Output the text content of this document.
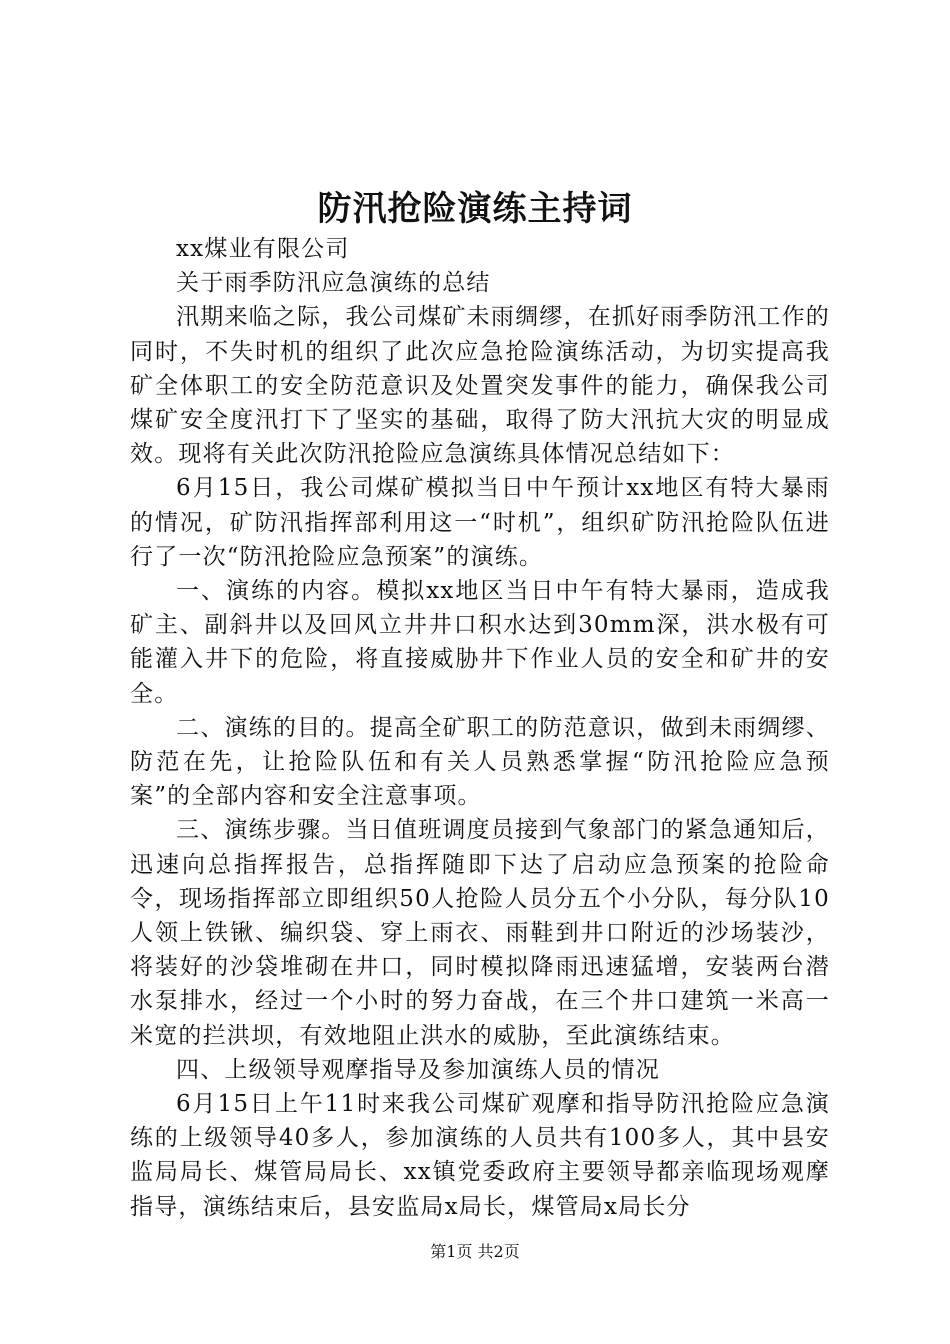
防汛抢险演练主持词

xx煤业有限公司

关于雨季防汛应急演练的总结

汛期来临之际，我公司煤矿未雨绸缪，在抓好雨季防汛工作的同时，不失时机的组织了此次应急抢险演练活动，为切实提高我矿全体职工的安全防范意识及处置突发事件的能力，确保我公司煤矿安全度汛打下了坚实的基础，取得了防大汛抗大灾的明显成效。现将有关此次防汛抢险应急演练具体情况总结如下：

6月15日，我公司煤矿模拟当日中午预计xx地区有特大暴雨的情况，矿防汛指挥部利用这一“时机”，组织矿防汛抢险队伍进行了一次“防汛抢险应急预案”的演练。

一、演练的内容。模拟xx地区当日中午有特大暴雨，造成我矿主、副斜井以及回风立井井口积水达到30mm深，洪水极有可能灌入井下的危险，将直接威胁井下作业人员的安全和矿井的安全。

二、演练的目的。提高全矿职工的防范意识，做到未雨绸缪、防范在先，让抢险队伍和有关人员熟悉掌握“防汛抢险应急预案”的全部内容和安全注意事项。

三、演练步骤。当日值班调度员接到气象部门的紧急通知后，迅速向总指挥报告，总指挥随即下达了启动应急预案的抢险命令，现场指挥部立即组织50人抢险人员分五个小分队，每分队10人领上铁锹、编织袋、穿上雨衣、雨鞋到井口附近的沙场装沙，将装好的沙袋堆砌在井口，同时模拟降雨迅速猛增，安装两台潜水泵排水，经过一个小时的努力奋战，在三个井口建筑一米高一米宽的拦洪坝，有效地阻止洪水的威胁，至此演练结束。

四、上级领导观摩指导及参加演练人员的情况

6月15日上午11时来我公司煤矿观摩和指导防汛抢险应急演练的上级领导40多人，参加演练的人员共有100多人，其中县安监局局长、煤管局局长、xx镇党委政府主要领导都亲临现场观摩指导，演练结束后，县安监局x局长，煤管局x局长分

第1页 共2页
